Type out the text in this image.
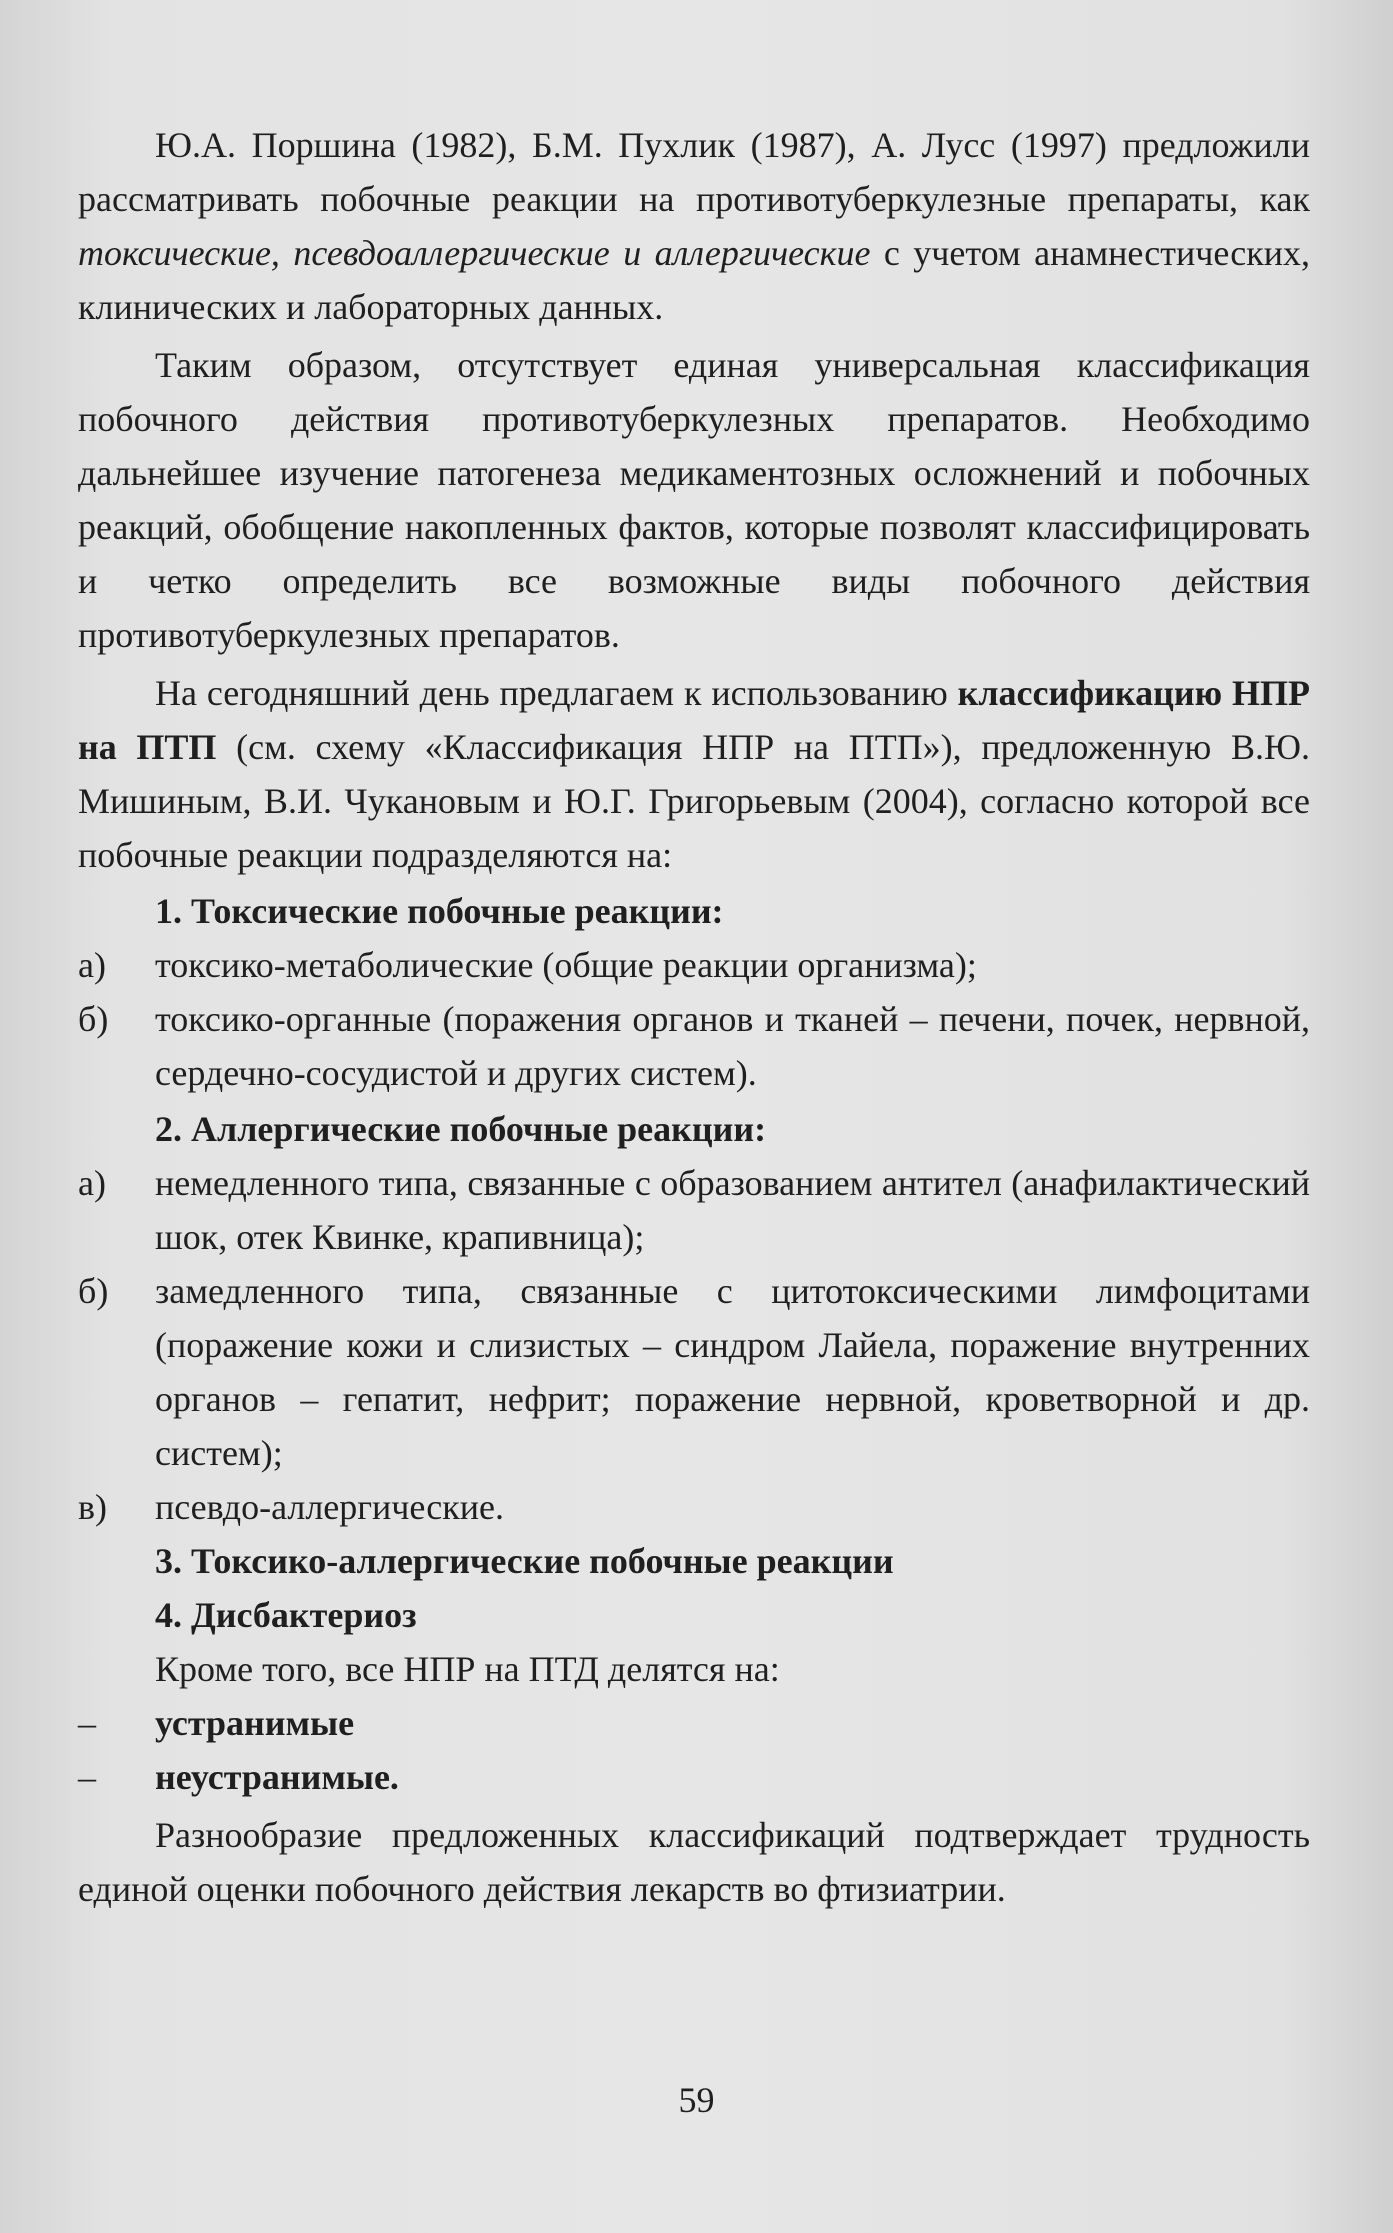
Ю.А. Поршина (1982), Б.М. Пухлик (1987), А. Лусс (1997) предложили рассматривать побочные реакции на противотуберкулезные препараты, как токсические, псевдоаллергические и аллергические с учетом анамнестических, клинических и лабораторных данных.

Таким образом, отсутствует единая универсальная классификация побочного действия противотуберкулезных препаратов. Необходимо дальнейшее изучение патогенеза медикаментозных осложнений и побочных реакций, обобщение накопленных фактов, которые позволят классифицировать и четко определить все возможные виды побочного действия противотуберкулезных препаратов.

На сегодняшний день предлагаем к использованию классификацию НПР на ПТП (см. схему «Классификация НПР на ПТП»), предложенную В.Ю. Мишиным, В.И. Чукановым и Ю.Г. Григорьевым (2004), согласно которой все побочные реакции подразделяются на:

1. Токсические побочные реакции:

а)	токсико-метаболические (общие реакции организма);
б)	токсико-органные (поражения органов и тканей – печени, почек, нервной, сердечно-сосудистой и других систем).

2. Аллергические побочные реакции:

а)	немедленного типа, связанные с образованием антител (анафилактический шок, отек Квинке, крапивница);
б)	замедленного типа, связанные с цитотоксическими лимфоцитами (поражение кожи и слизистых – синдром Лайела, поражение внутренних органов – гепатит, нефрит; поражение нервной, кроветворной и др. систем);
в)	псевдо-аллергические.

3. Токсико-аллергические побочные реакции

4. Дисбактериоз

Кроме того, все НПР на ПТД делятся на:

–	устранимые
–	неустранимые.

Разнообразие предложенных классификаций подтверждает трудность единой оценки побочного действия лекарств во фтизиатрии.

59
